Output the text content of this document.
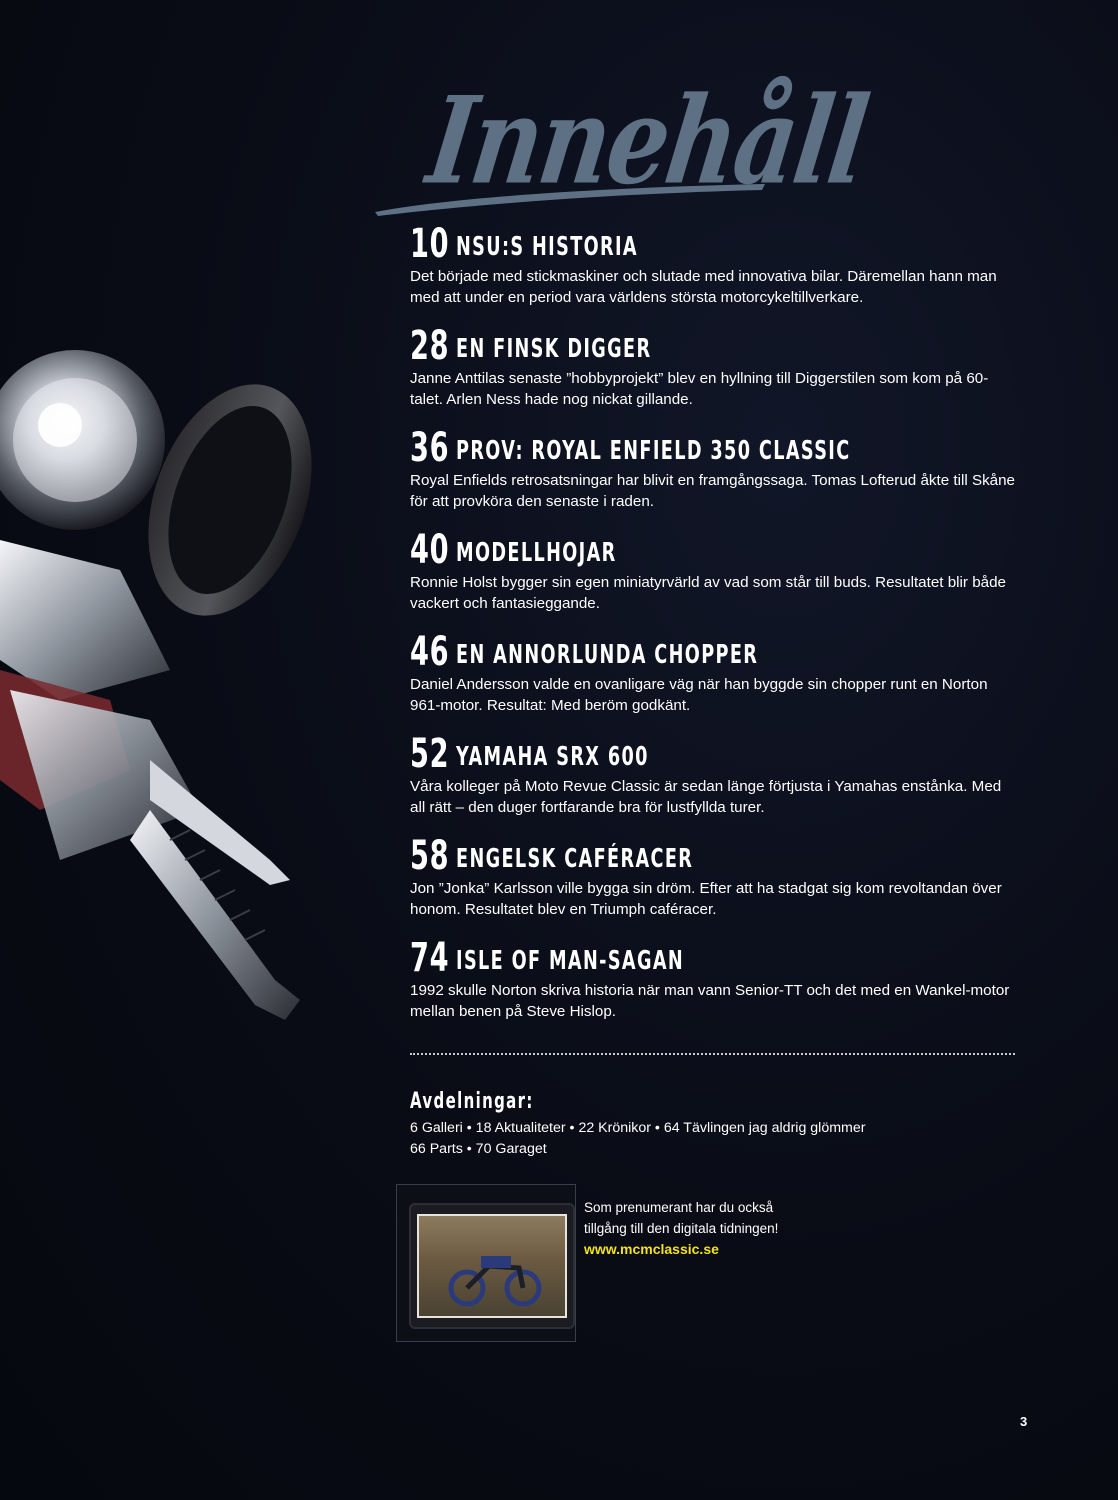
Innehåll
10 NSU:S HISTORIA
Det började med stickmaskiner och slutade med innovativa bilar. Däremellan hann man med att under en period vara världens största motorcykeltillverkare.
28 EN FINSK DIGGER
Janne Anttilas senaste ”hobbyprojekt” blev en hyllning till Diggerstilen som kom på 60-talet. Arlen Ness hade nog nickat gillande.
36 PROV: ROYAL ENFIELD 350 CLASSIC
Royal Enfields retrosatsningar har blivit en framgångssaga. Tomas Lofterud åkte till Skåne för att provköra den senaste i raden.
40 MODELLHOJAR
Ronnie Holst bygger sin egen miniatyrvärld av vad som står till buds. Resultatet blir både vackert och fantasieggande.
46 EN ANNORLUNDA CHOPPER
Daniel Andersson valde en ovanligare väg när han byggde sin chopper runt en Norton 961-motor. Resultat: Med beröm godkänt.
52 YAMAHA SRX 600
Våra kolleger på Moto Revue Classic är sedan länge förtjusta i Yamahas enstånka. Med all rätt – den duger fortfarande bra för lustfyllda turer.
58 ENGELSK CAFÉRACER
Jon ”Jonka” Karlsson ville bygga sin dröm. Efter att ha stadgat sig kom revoltandan över honom. Resultatet blev en Triumph caféracer.
74 ISLE OF MAN-SAGAN
1992 skulle Norton skriva historia när man vann Senior-TT och det med en Wankel-motor mellan benen på Steve Hislop.
Avdelningar:
6 Galleri • 18 Aktualiteter • 22 Krönikor • 64 Tävlingen jag aldrig glömmer
66 Parts • 70 Garaget
Som prenumerant har du också tillgång till den digitala tidningen!
www.mcmclassic.se
3
